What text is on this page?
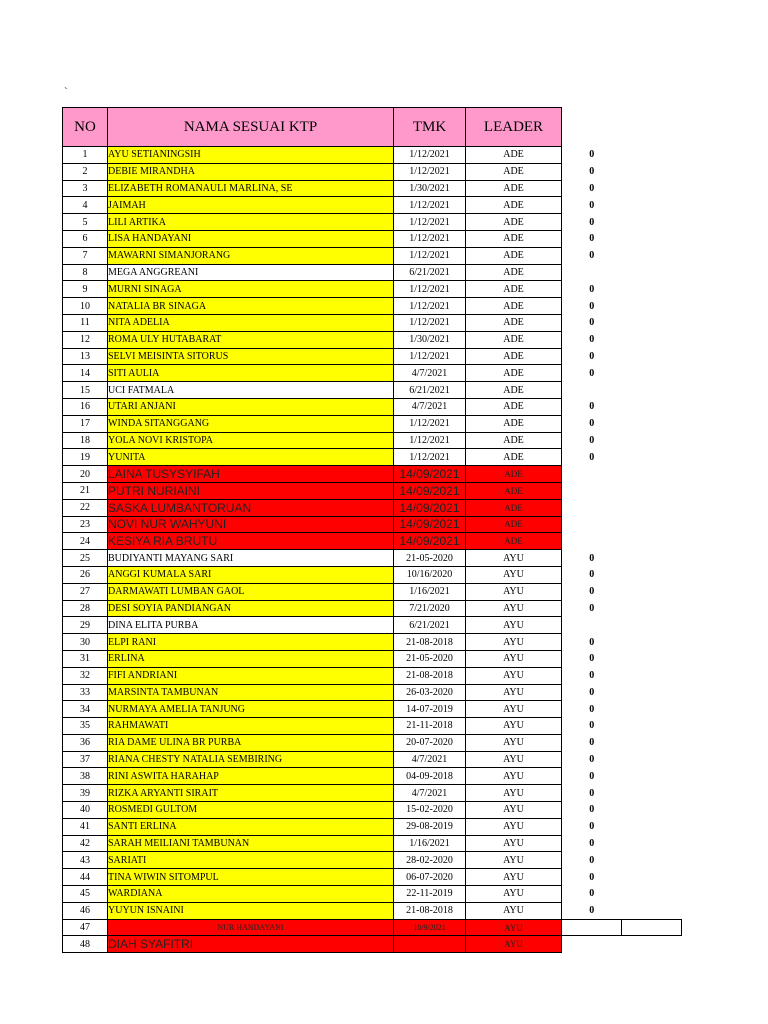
`
NO	NAMA SESUAI KTP	TMK	LEADER		
1	AYU SETIANINGSIH	1/12/2021	ADE	0	
2	DEBIE MIRANDHA	1/12/2021	ADE	0	
3	ELIZABETH ROMANAULI MARLINA, SE	1/30/2021	ADE	0	
4	JAIMAH	1/12/2021	ADE	0	
5	LILI ARTIKA	1/12/2021	ADE	0	
6	LISA HANDAYANI	1/12/2021	ADE	0	
7	MAWARNI SIMANJORANG	1/12/2021	ADE	0	
8	MEGA ANGGREANI	6/21/2021	ADE		
9	MURNI SINAGA	1/12/2021	ADE	0	
10	NATALIA BR SINAGA	1/12/2021	ADE	0	
11	NITA ADELIA	1/12/2021	ADE	0	
12	ROMA ULY HUTABARAT	1/30/2021	ADE	0	
13	SELVI MEISINTA SITORUS	1/12/2021	ADE	0	
14	SITI AULIA	4/7/2021	ADE	0	
15	UCI FATMALA	6/21/2021	ADE		
16	UTARI ANJANI	4/7/2021	ADE	0	
17	WINDA SITANGGANG	1/12/2021	ADE	0	
18	YOLA NOVI KRISTOPA	1/12/2021	ADE	0	
19	YUNITA	1/12/2021	ADE	0	
20	LAINA TUSYSYIFAH	14/09/2021	ADE		
21	PUTRI NURIAINI	14/09/2021	ADE		
22	SASKA LUMBANTORUAN	14/09/2021	ADE		
23	NOVI NUR WAHYUNI	14/09/2021	ADE		
24	KESIYA RIA BRUTU	14/09/2021	ADE		
25	BUDIYANTI MAYANG SARI	21-05-2020	AYU	0	
26	ANGGI KUMALA SARI	10/16/2020	AYU	0	
27	DARMAWATI LUMBAN GAOL	1/16/2021	AYU	0	
28	DESI SOYIA PANDIANGAN	7/21/2020	AYU	0	
29	DINA ELITA PURBA	6/21/2021	AYU		
30	ELPI RANI	21-08-2018	AYU	0	
31	ERLINA	21-05-2020	AYU	0	
32	FIFI ANDRIANI	21-08-2018	AYU	0	
33	MARSINTA TAMBUNAN	26-03-2020	AYU	0	
34	NURMAYA AMELIA TANJUNG	14-07-2019	AYU	0	
35	RAHMAWATI	21-11-2018	AYU	0	
36	RIA DAME ULINA BR PURBA	20-07-2020	AYU	0	
37	RIANA CHESTY NATALIA SEMBIRING	4/7/2021	AYU	0	
38	RINI ASWITA HARAHAP	04-09-2018	AYU	0	
39	RIZKA ARYANTI SIRAIT	4/7/2021	AYU	0	
40	ROSMEDI GULTOM	15-02-2020	AYU	0	
41	SANTI ERLINA	29-08-2019	AYU	0	
42	SARAH MEILIANI TAMBUNAN	1/16/2021	AYU	0	
43	SARIATI	28-02-2020	AYU	0	
44	TINA WIWIN SITOMPUL	06-07-2020	AYU	0	
45	WARDIANA	22-11-2019	AYU	0	
46	YUYUN ISNAINI	21-08-2018	AYU	0	
47	NUR HANDAYANI	10/9/2021	AYU		
48	DIAH SYAFITRI		AYU		
